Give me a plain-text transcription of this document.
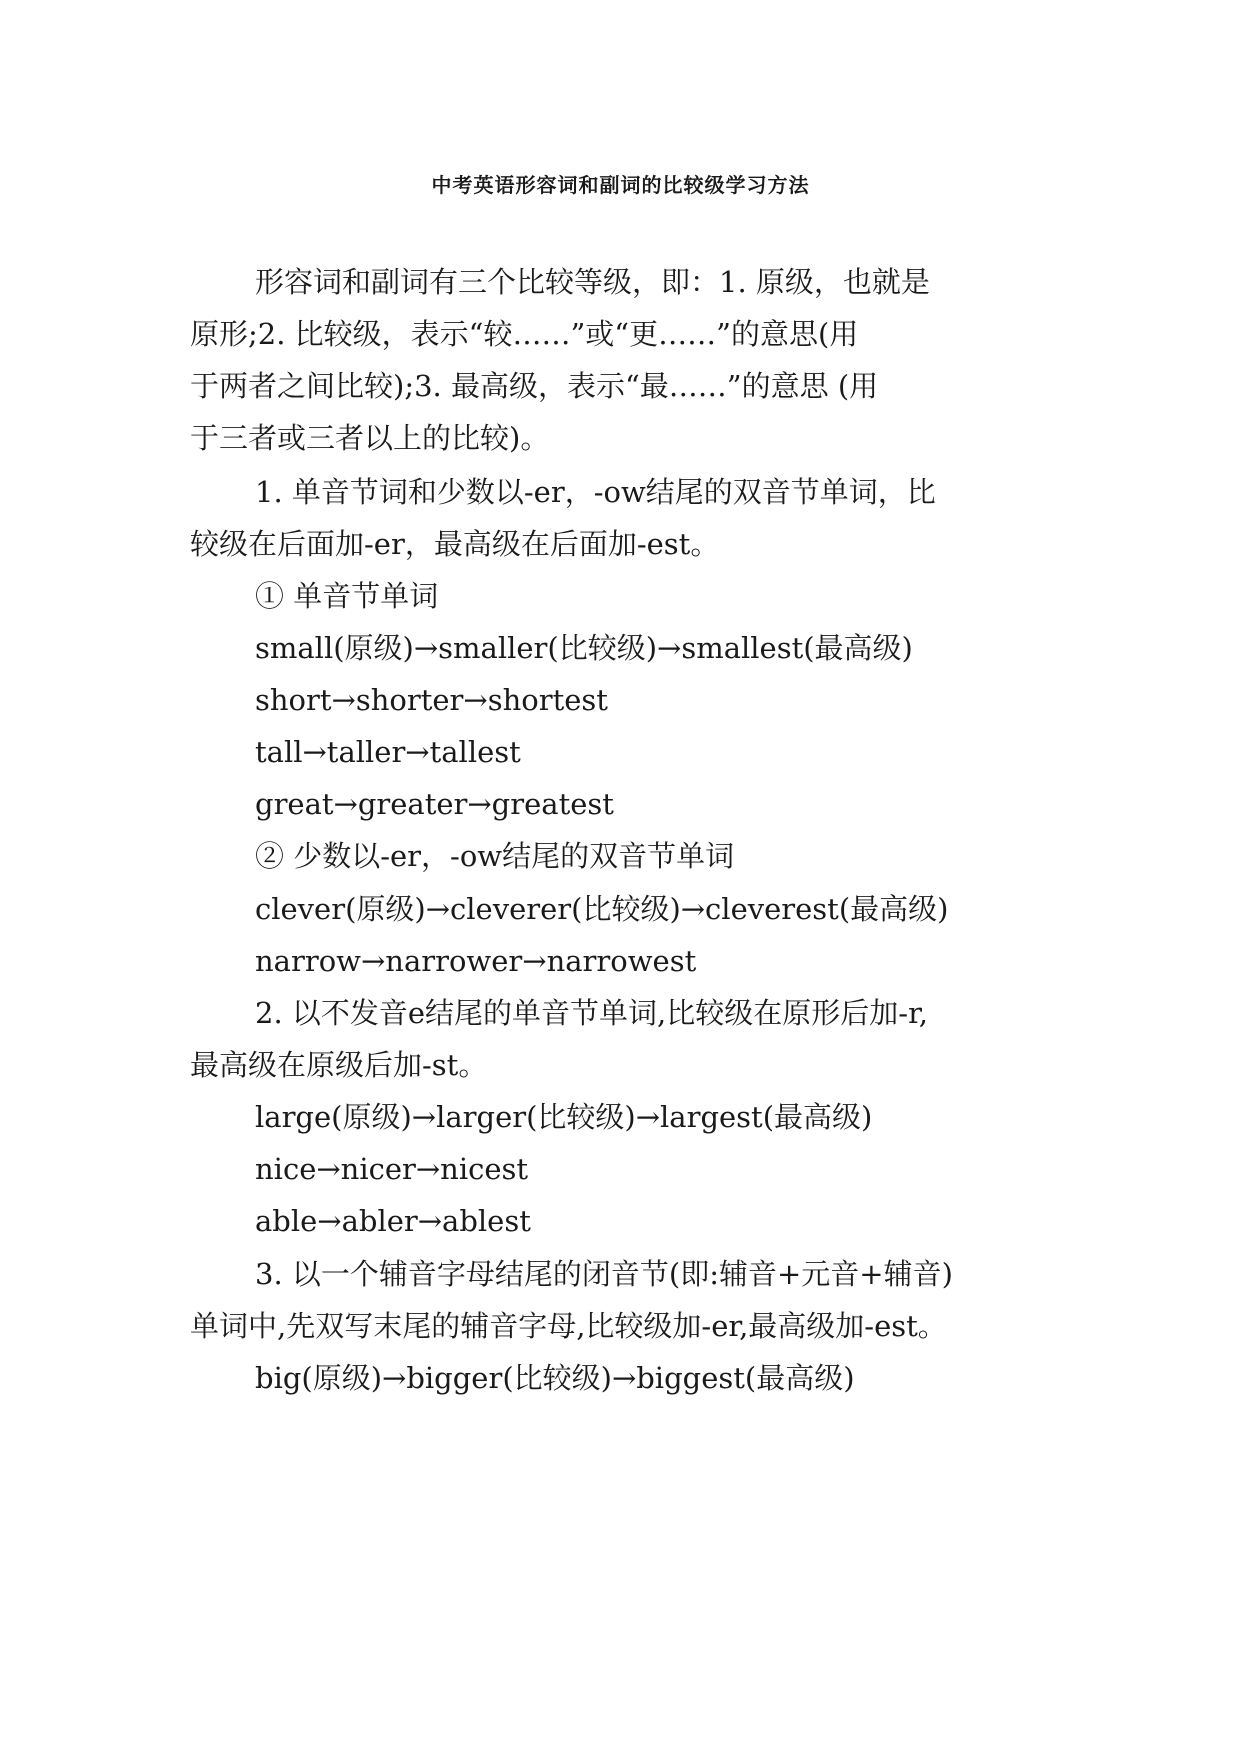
中考英语形容词和副词的比较级学习方法
形容词和副词有三个比较等级，即：1. 原级，也就是
原形;2. 比较级，表示“较……”或“更……”的意思(用
于两者之间比较);3. 最高级，表示“最……”的意思 (用
于三者或三者以上的比较)。
1. 单音节词和少数以-er，-ow结尾的双音节单词，比
较级在后面加-er，最高级在后面加-est。
① 单音节单词
small(原级)→smaller(比较级)→smallest(最高级)
short→shorter→shortest
tall→taller→tallest
great→greater→greatest
② 少数以-er，-ow结尾的双音节单词
clever(原级)→cleverer(比较级)→cleverest(最高级)
narrow→narrower→narrowest
2. 以不发音e结尾的单音节单词,比较级在原形后加-r,
最高级在原级后加-st。
large(原级)→larger(比较级)→largest(最高级)
nice→nicer→nicest
able→abler→ablest
3. 以一个辅音字母结尾的闭音节(即:辅音+元音+辅音)
单词中,先双写末尾的辅音字母,比较级加-er,最高级加-est。
big(原级)→bigger(比较级)→biggest(最高级)
